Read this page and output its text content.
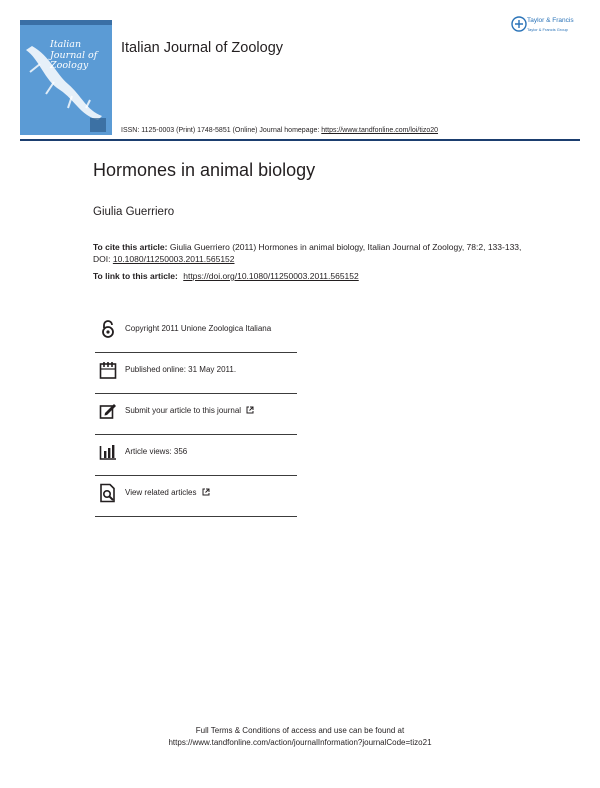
Italian
Journal of
Zoology
Italian Journal of Zoology
Taylor & Francis
Taylor & Francis Group
ISSN: 1125-0003 (Print) 1748-5851 (Online) Journal homepage: https://www.tandfonline.com/loi/tizo20
Hormones in animal biology
Giulia Guerriero
To cite this article: Giulia Guerriero (2011) Hormones in animal biology, Italian Journal of Zoology, 78:2, 133-133, DOI: 10.1080/11250003.2011.565152
To link to this article: https://doi.org/10.1080/11250003.2011.565152
Copyright 2011 Unione Zoologica Italiana
Published online: 31 May 2011.
Submit your article to this journal
Article views: 356
View related articles
Full Terms & Conditions of access and use can be found at
https://www.tandfonline.com/action/journalInformation?journalCode=tizo21
